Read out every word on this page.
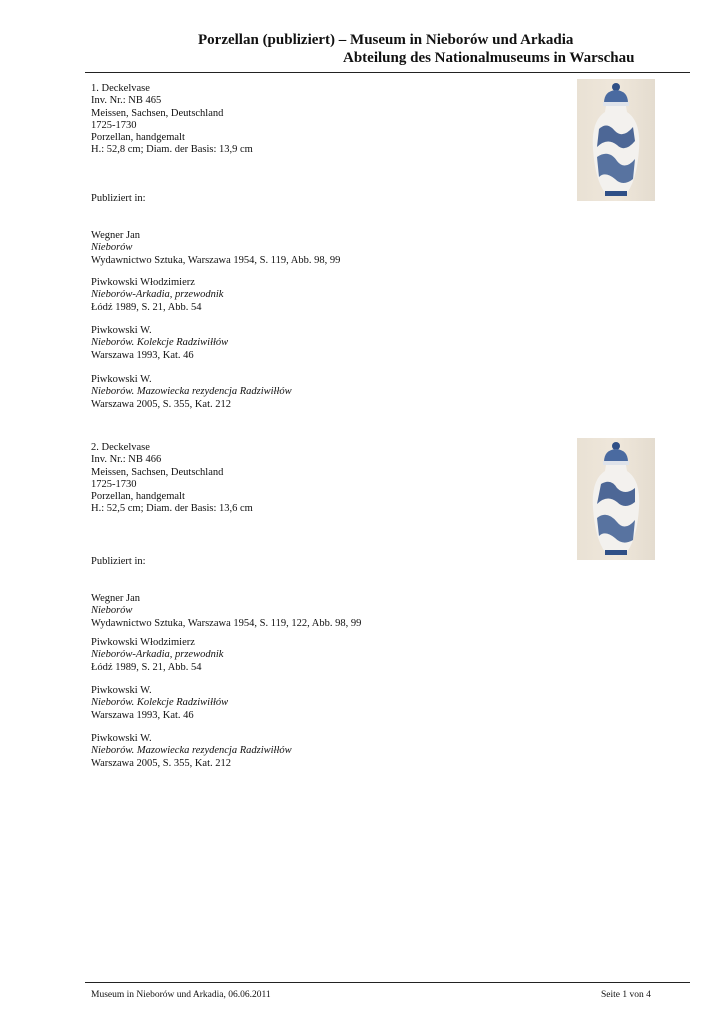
Porzellan (publiziert) – Museum in Nieborów und Arkadia
Abteilung des Nationalmuseums in Warschau
1. Deckelvase
Inv. Nr.: NB 465
Meissen, Sachsen, Deutschland
1725-1730
Porzellan, handgemalt
H.: 52,8 cm; Diam. der Basis: 13,9 cm
Publiziert in:
Wegner Jan
Nieborów
Wydawnictwo Sztuka, Warszawa 1954, S. 119, Abb. 98, 99
Piwkowski Włodzimierz
Nieborów-Arkadia, przewodnik
Łódź 1989, S. 21, Abb. 54
Piwkowski W.
Nieborów. Kolekcje Radziwiłłów
Warszawa 1993, Kat. 46
Piwkowski W.
Nieborów. Mazowiecka rezydencja Radziwiłłów
Warszawa 2005, S. 355, Kat. 212
2. Deckelvase
Inv. Nr.: NB 466
Meissen, Sachsen, Deutschland
1725-1730
Porzellan, handgemalt
H.: 52,5 cm; Diam. der Basis: 13,6 cm
Publiziert in:
Wegner Jan
Nieborów
Wydawnictwo Sztuka, Warszawa 1954, S. 119, 122, Abb. 98, 99
Piwkowski Włodzimierz
Nieborów-Arkadia, przewodnik
Łódź 1989, S. 21, Abb. 54
Piwkowski W.
Nieborów. Kolekcje Radziwiłłów
Warszawa 1993, Kat. 46
Piwkowski W.
Nieborów. Mazowiecka rezydencja Radziwiłłów
Warszawa 2005, S. 355, Kat. 212
Museum in Nieborów und Arkadia, 06.06.2011	Seite 1 von 4
